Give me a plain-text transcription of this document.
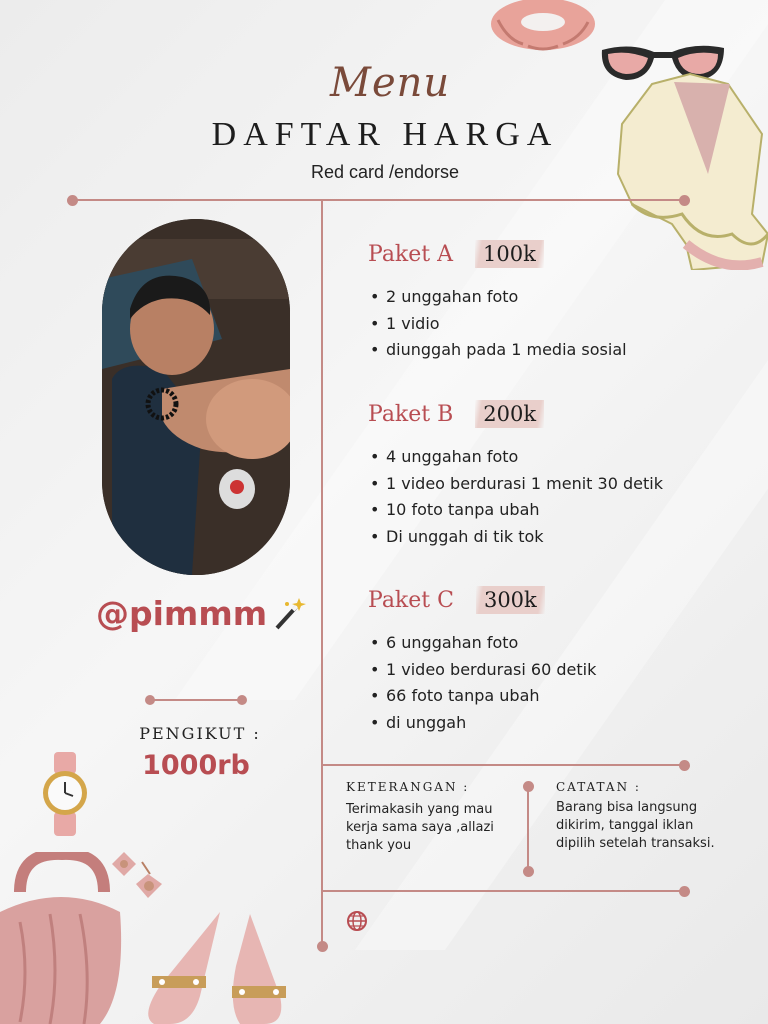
Menu
DAFTAR HARGA
Red card /endorse
@pimmm
PENGIKUT :
1000rb
Paket A	100k
• 2 unggahan foto
• 1 vidio
• diunggah pada 1 media sosial
Paket B	200k
• 4 unggahan foto
• 1 video berdurasi 1 menit 30 detik
• 10 foto tanpa ubah
• Di unggah di tik tok
Paket C	300k
• 6 unggahan foto
• 1 video berdurasi 60 detik
• 66 foto tanpa ubah
• di unggah
KETERANGAN :
Terimakasih yang mau kerja sama saya ,allazi thank you
CATATAN :
Barang bisa langsung dikirim, tanggal iklan dipilih setelah transaksi.
